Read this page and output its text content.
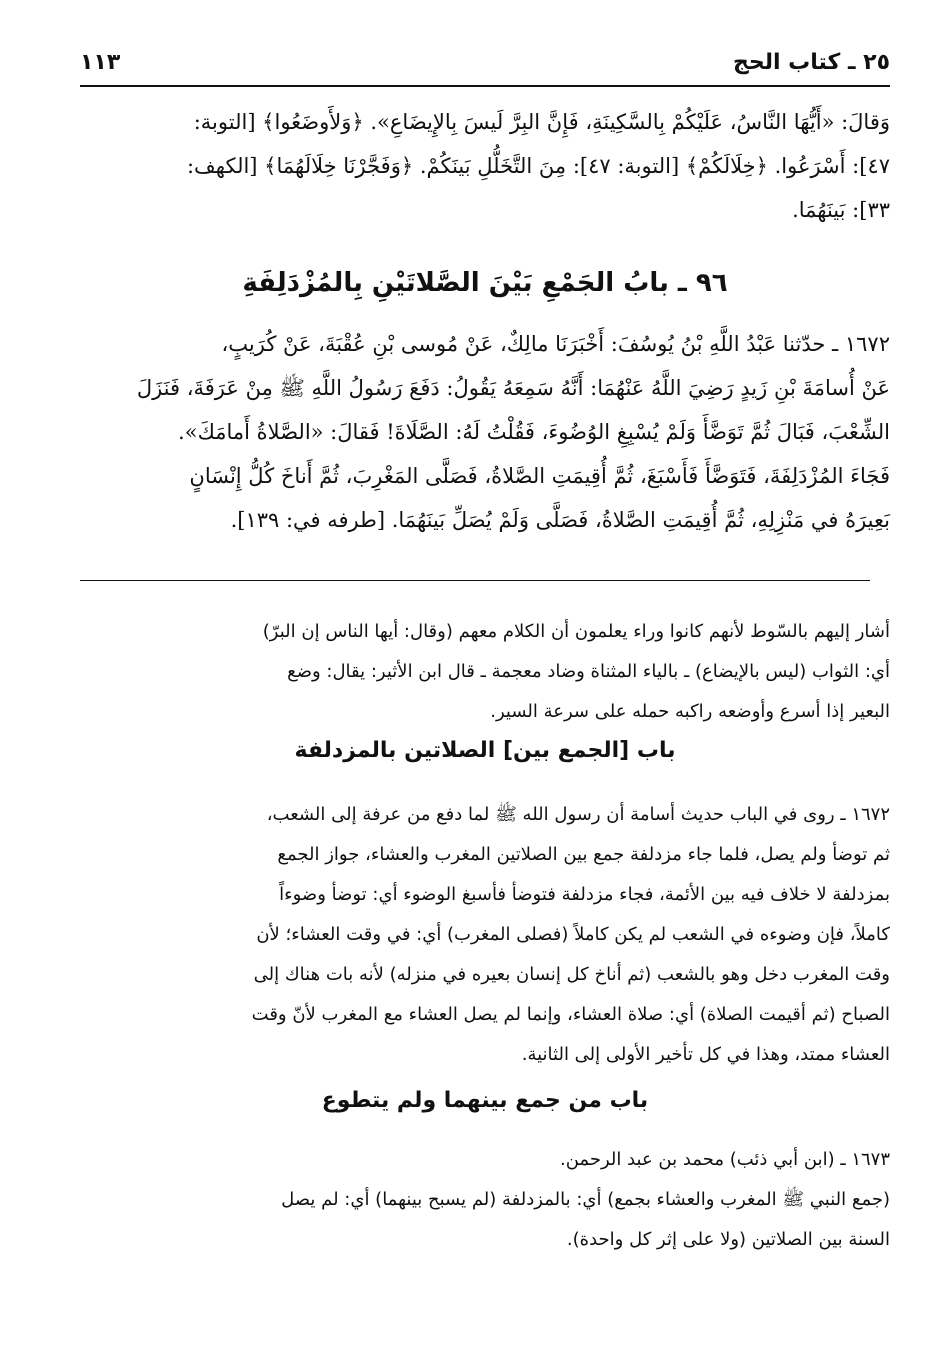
٢٥ ـ كتاب الحج
١١٣

وَقالَ: «أَيُّهَا النَّاسُ، عَلَيْكُمْ بِالسَّكِينَةِ، فَإِنَّ البِرَّ لَيسَ بِالإِيضَاعِ». ﴿وَلأَوضَعُوا﴾ [التوبة:

٤٧]: أَسْرَعُوا. ﴿خِلَالَكُمْ﴾ [التوبة: ٤٧]: مِنَ التَّخَلُّلِ بَينَكُمْ. ﴿وَفَجَّرْنَا خِلَالَهُمَا﴾ [الكهف:

٣٣]: بَينَهُمَا.

٩٦ ـ بابُ الجَمْعِ بَيْنَ الصَّلاتَيْنِ بِالمُزْدَلِفَةِ

١٦٧٢ ـ حدّثنا عَبْدُ اللَّهِ بْنُ يُوسُفَ: أَخْبَرَنَا مالِكٌ، عَنْ مُوسى بْنِ عُقْبَةَ، عَنْ كُرَيبٍ،

عَنْ أُسامَةَ بْنِ زَيدٍ رَضِيَ اللَّهُ عَنْهُمَا: أَنَّهُ سَمِعَهُ يَقُولُ: دَفَعَ رَسُولُ اللَّهِ ﷺ مِنْ عَرَفَةَ، فَنَزَلَ

الشِّعْبَ، فَبَالَ ثُمَّ تَوَضَّأَ وَلَمْ يُسْبِغِ الوُضُوءَ، فَقُلْتُ لَهُ: الصَّلَاةَ! فَقالَ: «الصَّلاةُ أَمامَكَ».

فَجَاءَ المُزْدَلِفَةَ، فَتَوَضَّأَ فَأَسْبَغَ، ثُمَّ أُقِيمَتِ الصَّلاةُ، فَصَلَّى المَغْرِبَ، ثُمَّ أَناخَ كُلُّ إِنْسَانٍ

بَعِيرَهُ في مَنْزِلِهِ، ثُمَّ أُقِيمَتِ الصَّلاةُ، فَصَلَّى وَلَمْ يُصَلِّ بَينَهُمَا. [طرفه في: ١٣٩].

أشار إليهم بالسّوط لأنهم كانوا وراء يعلمون أن الكلام معهم (وقال: أيها الناس إن البرّ)

أي: الثواب (ليس بالإيضاع) ـ بالياء المثناة وضاد معجمة ـ قال ابن الأثير: يقال: وضع

البعير إذا أسرع وأوضعه راكبه حمله على سرعة السير.

باب [الجمع بين] الصلاتين بالمزدلفة

١٦٧٢ ـ روى في الباب حديث أسامة أن رسول الله ﷺ لما دفع من عرفة إلى الشعب،

ثم توضأ ولم يصل، فلما جاء مزدلفة جمع بين الصلاتين المغرب والعشاء، جواز الجمع

بمزدلفة لا خلاف فيه بين الأئمة، فجاء مزدلفة فتوضأ فأسبغ الوضوء أي: توضأ وضوءاً

كاملاً، فإن وضوءه في الشعب لم يكن كاملاً (فصلى المغرب) أي: في وقت العشاء؛ لأن

وقت المغرب دخل وهو بالشعب (ثم أناخ كل إنسان بعيره في منزله) لأنه بات هناك إلى

الصباح (ثم أقيمت الصلاة) أي: صلاة العشاء، وإنما لم يصل العشاء مع المغرب لأنّ وقت

العشاء ممتد، وهذا في كل تأخير الأولى إلى الثانية.

باب من جمع بينهما ولم يتطوع

١٦٧٣ ـ (ابن أبي ذئب) محمد بن عبد الرحمن.

(جمع النبي ﷺ المغرب والعشاء بجمع) أي: بالمزدلفة (لم يسبح بينهما) أي: لم يصل

السنة بين الصلاتين (ولا على إثر كل واحدة).
